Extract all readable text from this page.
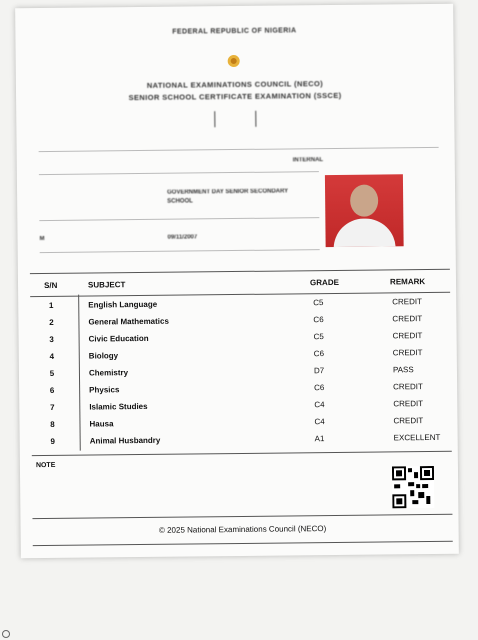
FEDERAL REPUBLIC OF NIGERIA
NATIONAL EXAMINATIONS COUNCIL (NECO)
SENIOR SCHOOL CERTIFICATE EXAMINATION (SSCE)
INTERNAL
GOVERNMENT DAY SENIOR SECONDARY SCHOOL
M	09/11/2007
S/N	SUBJECT	GRADE	REMARK
1	English Language	C5	CREDIT
2	General Mathematics	C6	CREDIT
3	Civic Education	C5	CREDIT
4	Biology	C6	CREDIT
5	Chemistry	D7	PASS
6	Physics	C6	CREDIT
7	Islamic Studies	C4	CREDIT
8	Hausa	C4	CREDIT
9	Animal Husbandry	A1	EXCELLENT
NOTE
© 2025 National Examinations Council (NECO)
